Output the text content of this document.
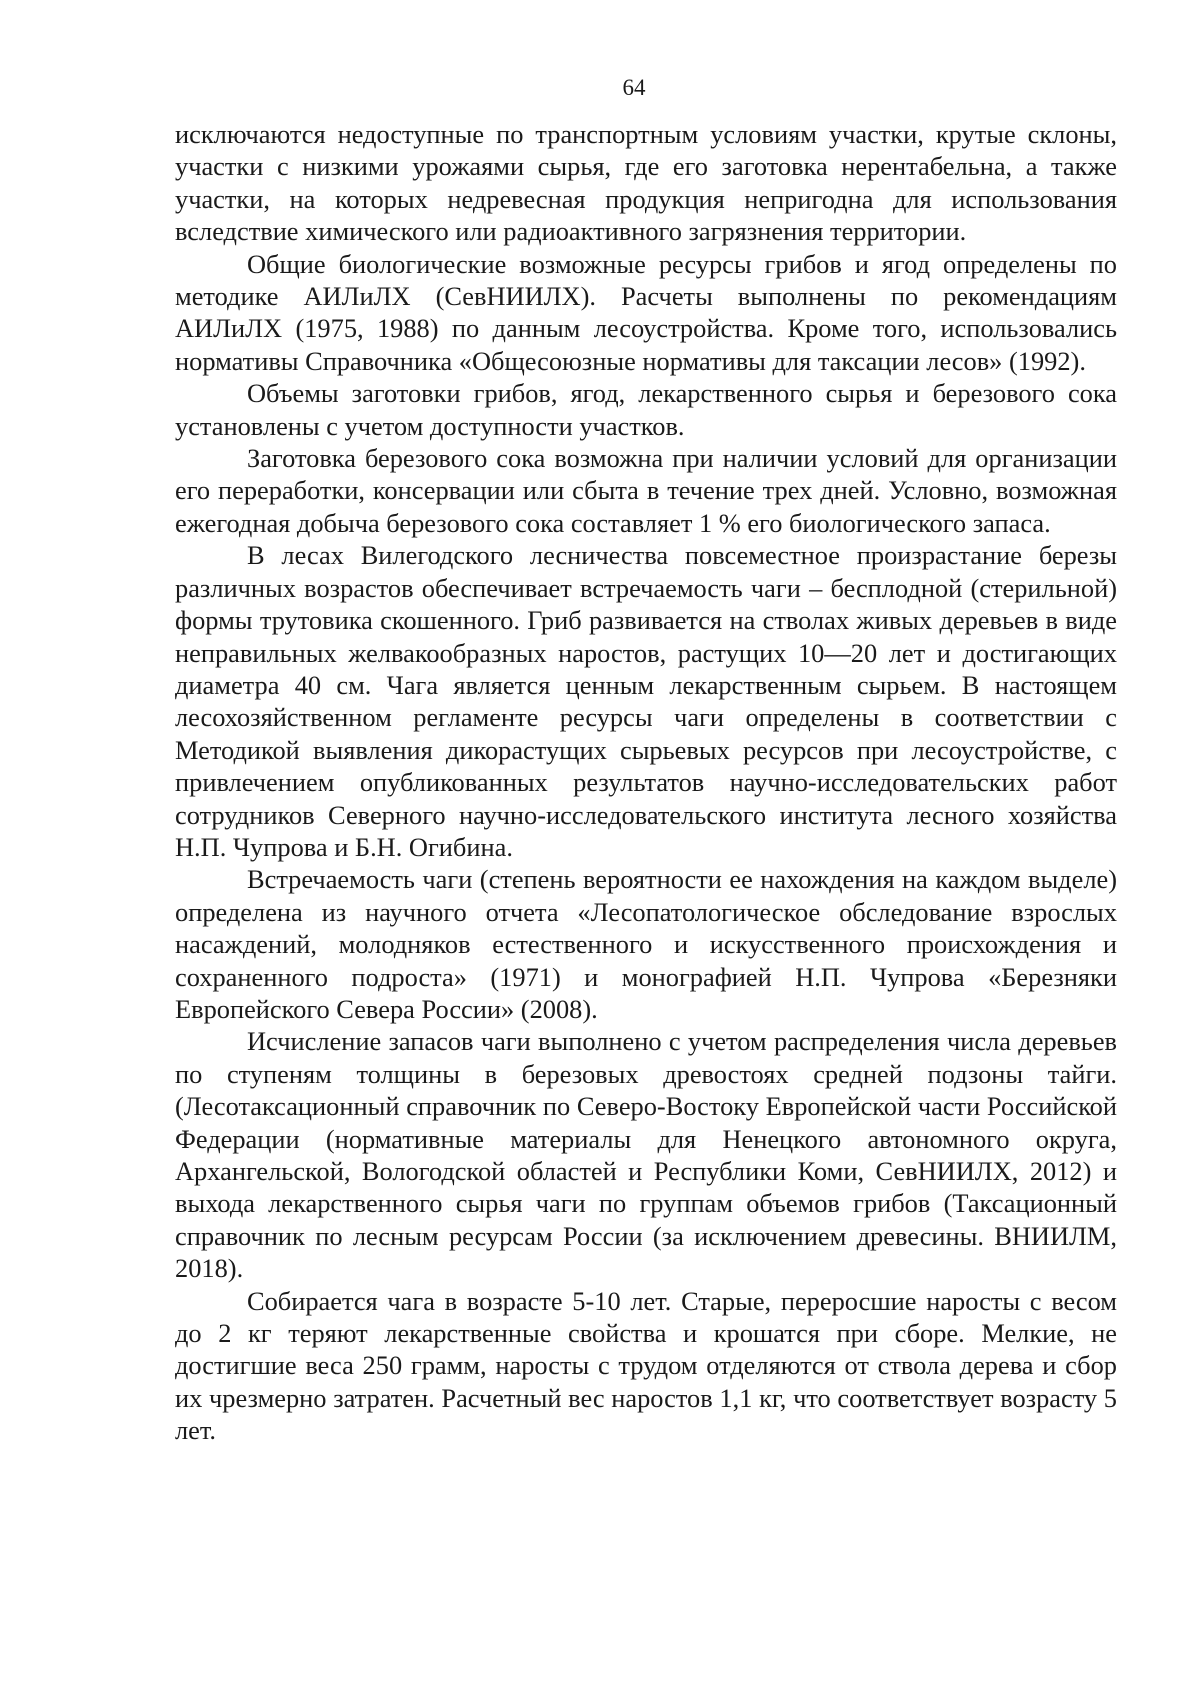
64

исключаются недоступные по транспортным условиям участки, крутые склоны, участки с низкими урожаями сырья, где его заготовка нерентабельна, а также участки, на которых недревесная продукция непригодна для использования вследствие химического или радиоактивного загрязнения территории.

Общие биологические возможные ресурсы грибов и ягод определены по методике АИЛиЛХ (СевНИИЛХ). Расчеты выполнены по рекомендациям АИЛиЛХ (1975, 1988) по данным лесоустройства. Кроме того, использовались нормативы Справочника «Общесоюзные нормативы для таксации лесов» (1992).

Объемы заготовки грибов, ягод, лекарственного сырья и березового сока установлены с учетом доступности участков.

Заготовка березового сока возможна при наличии условий для организации его переработки, консервации или сбыта в течение трех дней. Условно, возможная ежегодная добыча березового сока составляет 1 % его биологического запаса.

В лесах Вилегодского лесничества повсеместное произрастание березы различных возрастов обеспечивает встречаемость чаги – бесплодной (стерильной) формы трутовика скошенного. Гриб развивается на стволах живых деревьев в виде неправильных желвакообразных наростов, растущих 10—20 лет и достигающих диаметра 40 см. Чага является ценным лекарственным сырьем. В настоящем лесохозяйственном регламенте ресурсы чаги определены в соответствии с Методикой выявления дикорастущих сырьевых ресурсов при лесоустройстве, с привлечением опубликованных результатов научно-исследовательских работ сотрудников Северного научно-исследовательского института лесного хозяйства Н.П. Чупрова и Б.Н. Огибина.

Встречаемость чаги (степень вероятности ее нахождения на каждом выделе) определена из научного отчета «Лесопатологическое обследование взрослых насаждений, молодняков естественного и искусственного происхождения и сохраненного подроста» (1971) и монографией Н.П. Чупрова «Березняки Европейского Севера России» (2008).

Исчисление запасов чаги выполнено с учетом распределения числа деревьев по ступеням толщины в березовых древостоях средней подзоны тайги. (Лесотаксационный справочник по Северо-Востоку Европейской части Российской Федерации (нормативные материалы для Ненецкого автономного округа, Архангельской, Вологодской областей и Республики Коми, СевНИИЛХ, 2012) и выхода лекарственного сырья чаги по группам объемов грибов (Таксационный справочник по лесным ресурсам России (за исключением древесины. ВНИИЛМ, 2018).

Собирается чага в возрасте 5-10 лет. Старые, переросшие наросты с весом до 2 кг теряют лекарственные свойства и крошатся при сборе. Мелкие, не достигшие веса 250 грамм, наросты с трудом отделяются от ствола дерева и сбор их чрезмерно затратен. Расчетный вес наростов 1,1 кг, что соответствует возрасту 5 лет.
